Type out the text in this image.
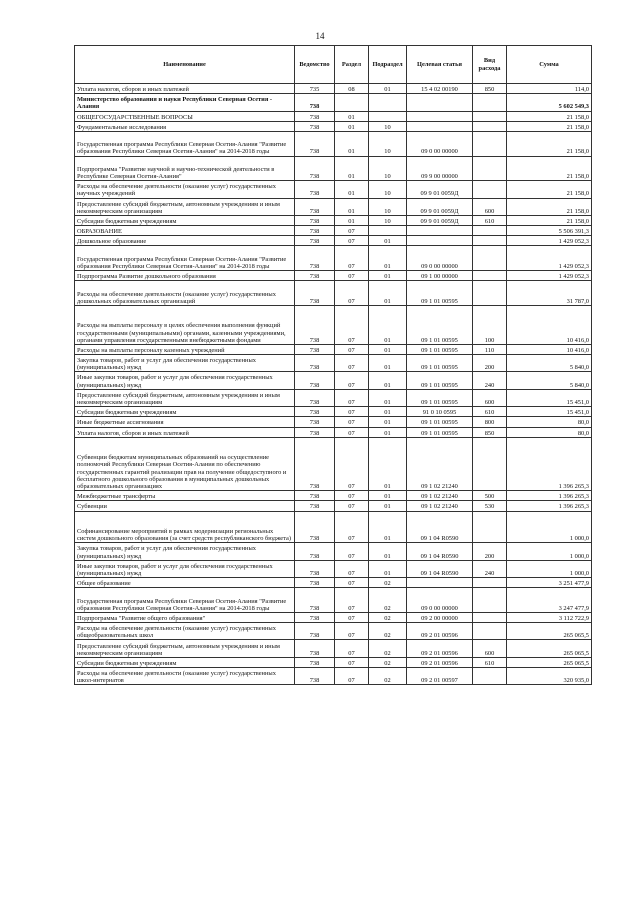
14
Наименование	Ведомство	Раздел	Подраздел	Целевая статья	Вид расхода	Сумма
Уплата налогов, сборов и иных платежей	735	08	01	15 4 02 00190	850	114,0
Министерство образования и науки Республики Северная Осетия - Алания	738					5 602 549,3
ОБЩЕГОСУДАРСТВЕННЫЕ ВОПРОСЫ	738	01				21 158,0
Фундаментальные исследования	738	01	10			21 158,0
Государственная программа Республики Северная Осетия-Алания "Развитие образования Республики Северная Осетия-Алания" на 2014-2018 годы	738	01	10	09 0 00 00000		21 158,0
Подпрограмма "Развитие научной и научно-технической деятельности в Республике Северная Осетия-Алания"	738	01	10	09 9 00 00000		21 158,0
Расходы на обеспечение деятельности (оказание услуг) государственных научных учреждений	738	01	10	09 9 01 0059Д		21 158,0
Предоставление субсидий бюджетным, автономным учреждениям и иным некоммерческим организациям	738	01	10	09 9 01 0059Д	600	21 158,0
Субсидии бюджетным учреждениям	738	01	10	09 9 01 0059Д	610	21 158,0
ОБРАЗОВАНИЕ	738	07				5 506 391,3
Дошкольное образование	738	07	01			1 429 052,3
Государственная программа Республики Северная Осетия-Алания "Развитие образования Республики Северная Осетия-Алания" на 2014-2018 годы	738	07	01	09 0 00 00000		1 429 052,3
Подпрограмма Развитие дошкольного образования	738	07	01	09 1 00 00000		1 429 052,3
Расходы на обеспечение деятельности (оказание услуг) государственных дошкольных образовательных организаций	738	07	01	09 1 01 00595		31 787,0
Расходы на выплаты персоналу в целях обеспечения выполнения функций государственными (муниципальными) органами, казенными учреждениями, органами управления государственными внебюджетными фондами	738	07	01	09 1 01 00595	100	10 416,0
Расходы на выплаты персоналу казенных учреждений	738	07	01	09 1 01 00595	110	10 416,0
Закупка товаров, работ и услуг для обеспечения государственных (муниципальных) нужд	738	07	01	09 1 01 00595	200	5 840,0
Иные закупки товаров, работ и услуг для обеспечения государственных (муниципальных) нужд	738	07	01	09 1 01 00595	240	5 840,0
Предоставление субсидий бюджетным, автономным учреждениям и иным некоммерческим организациям	738	07	01	09 1 01 00595	600	15 451,0
Субсидии бюджетным учреждениям	738	07	01	91 0 10 0595	610	15 451,0
Иные бюджетные ассигнования	738	07	01	09 1 01 00595	800	80,0
Уплата налогов, сборов и иных платежей	738	07	01	09 1 01 00595	850	80,0
Субвенции бюджетам муниципальных образований на осуществление полномочий Республики Северная Осетия-Алания по обеспечению государственных гарантий реализации прав на получение общедоступного и бесплатного дошкольного образования в муниципальных дошкольных образовательных организациях	738	07	01	09 1 02 21240		1 396 265,3
Межбюджетные трансферты	738	07	01	09 1 02 21240	500	1 396 265,3
Субвенции	738	07	01	09 1 02 21240	530	1 396 265,3
Софинансирование мероприятий в рамках модернизации региональных систем дошкольного образования (за счет средств республиканского бюджета)	738	07	01	09 1 04 R0590		1 000,0
Закупка товаров, работ и услуг для обеспечения государственных (муниципальных) нужд	738	07	01	09 1 04 R0590	200	1 000,0
Иные закупки товаров, работ и услуг для обеспечения государственных (муниципальных) нужд	738	07	01	09 1 04 R0590	240	1 000,0
Общее образование	738	07	02			3 251 477,9
Государственная программа Республики Северная Осетия-Алания "Развитие образования Республики Северная Осетия-Алания" на 2014-2018 годы	738	07	02	09 0 00 00000		3 247 477,9
Подпрограмма "Развитие общего образования"	738	07	02	09 2 00 00000		3 112 722,9
Расходы на обеспечение деятельности (оказание услуг) государственных общеобразовательных школ	738	07	02	09 2 01 00596		265 065,5
Предоставление субсидий бюджетным, автономным учреждениям и иным некоммерческим организациям	738	07	02	09 2 01 00596	600	265 065,5
Субсидии бюджетным учреждениям	738	07	02	09 2 01 00596	610	265 065,5
Расходы на обеспечение деятельности (оказание услуг) государственных школ-интернатов	738	07	02	09 2 01 00597		320 935,0
